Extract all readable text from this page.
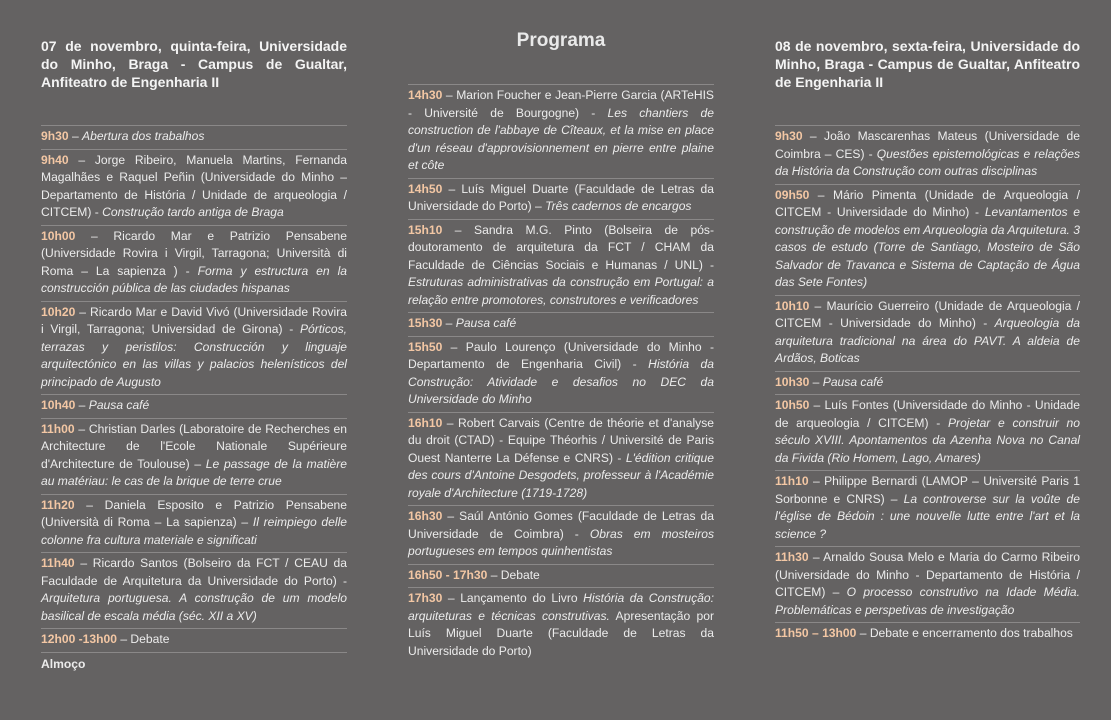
07 de novembro, quinta-feira, Universidade do Minho, Braga - Campus de Gualtar, Anfiteatro de Engenharia II

9h30 – Abertura dos trabalhos
9h40 – Jorge Ribeiro, Manuela Martins, Fernanda Magalhães e Raquel Peñin (Universidade do Minho – Departamento de História / Unidade de arqueologia / CITCEM) - Construção tardo antiga de Braga
10h00 – Ricardo Mar e Patrizio Pensabene (Universidade Rovira i Virgil, Tarragona; Università di Roma – La sapienza ) - Forma y estructura en la construcción pública de las ciudades hispanas
10h20 – Ricardo Mar e David Vivó (Universidade Rovira i Virgil, Tarragona; Universidad de Girona) - Pórticos, terrazas y peristilos: Construcción y linguaje arquitectónico en las villas y palacios helenísticos del principado de Augusto
10h40 – Pausa café
11h00 – Christian Darles (Laboratoire de Recherches en Architecture de l'Ecole Nationale Supérieure d'Architecture de Toulouse) – Le passage de la matière au matériau: le cas de la brique de terre crue
11h20 – Daniela Esposito e Patrizio Pensabene (Università di Roma – La sapienza) – Il reimpiego delle colonne fra cultura materiale e significati
11h40 – Ricardo Santos (Bolseiro da FCT / CEAU da Faculdade de Arquitetura da Universidade do Porto) - Arquitetura portuguesa. A construção de um modelo basilical de escala média (séc. XII a XV)
12h00 -13h00 – Debate
Almoço
Programa
14h30 – Marion Foucher e Jean-Pierre Garcia (ARTeHIS - Université de Bourgogne) - Les chantiers de construction de l'abbaye de Cîteaux, et la mise en place d'un réseau d'approvisionnement en pierre entre plaine et côte
14h50 – Luís Miguel Duarte (Faculdade de Letras da Universidade do Porto) – Três cadernos de encargos
15h10 – Sandra M.G. Pinto (Bolseira de pós-doutoramento de arquitetura da FCT / CHAM da Faculdade de Ciências Sociais e Humanas / UNL) - Estruturas administrativas da construção em Portugal: a relação entre promotores, construtores e verificadores
15h30 – Pausa café
15h50 – Paulo Lourenço (Universidade do Minho - Departamento de Engenharia Civil) - História da Construção: Atividade e desafios no DEC da Universidade do Minho
16h10 – Robert Carvais (Centre de théorie et d'analyse du droit (CTAD) - Equipe Théorhis / Université de Paris Ouest Nanterre La Défense e CNRS) - L'édition critique des cours d'Antoine Desgodets, professeur à l'Académie royale d'Architecture (1719-1728)
16h30 – Saúl António Gomes (Faculdade de Letras da Universidade de Coimbra) - Obras em mosteiros portugueses em tempos quinhentistas
16h50 - 17h30 – Debate
17h30 – Lançamento do Livro História da Construção: arquiteturas e técnicas construtivas. Apresentação por Luís Miguel Duarte (Faculdade de Letras da Universidade do Porto)

08 de novembro, sexta-feira, Universidade do Minho, Braga - Campus de Gualtar, Anfiteatro de Engenharia II

9h30 – João Mascarenhas Mateus (Universidade de Coimbra – CES) - Questões epistemológicas e relações da História da Construção com outras disciplinas
09h50 – Mário Pimenta (Unidade de Arqueologia / CITCEM - Universidade do Minho) - Levantamentos e construção de modelos em Arqueologia da Arquitetura. 3 casos de estudo (Torre de Santiago, Mosteiro de São Salvador de Travanca e Sistema de Captação de Água das Sete Fontes)
10h10 – Maurício Guerreiro (Unidade de Arqueologia / CITCEM - Universidade do Minho) - Arqueologia da arquitetura tradicional na área do PAVT. A aldeia de Ardãos, Boticas
10h30 – Pausa café
10h50 – Luís Fontes (Universidade do Minho - Unidade de arqueologia / CITCEM) - Projetar e construir no século XVIII. Apontamentos da Azenha Nova no Canal da Fivida (Rio Homem, Lago, Amares)
11h10 – Philippe Bernardi (LAMOP – Université Paris 1 Sorbonne e CNRS) – La controverse sur la voûte de l'église de Bédoin : une nouvelle lutte entre l'art et la science ?
11h30 – Arnaldo Sousa Melo e Maria do Carmo Ribeiro (Universidade do Minho - Departamento de História / CITCEM) – O processo construtivo na Idade Média. Problemáticas e perspetivas de investigação
11h50 – 13h00 – Debate e encerramento dos trabalhos
